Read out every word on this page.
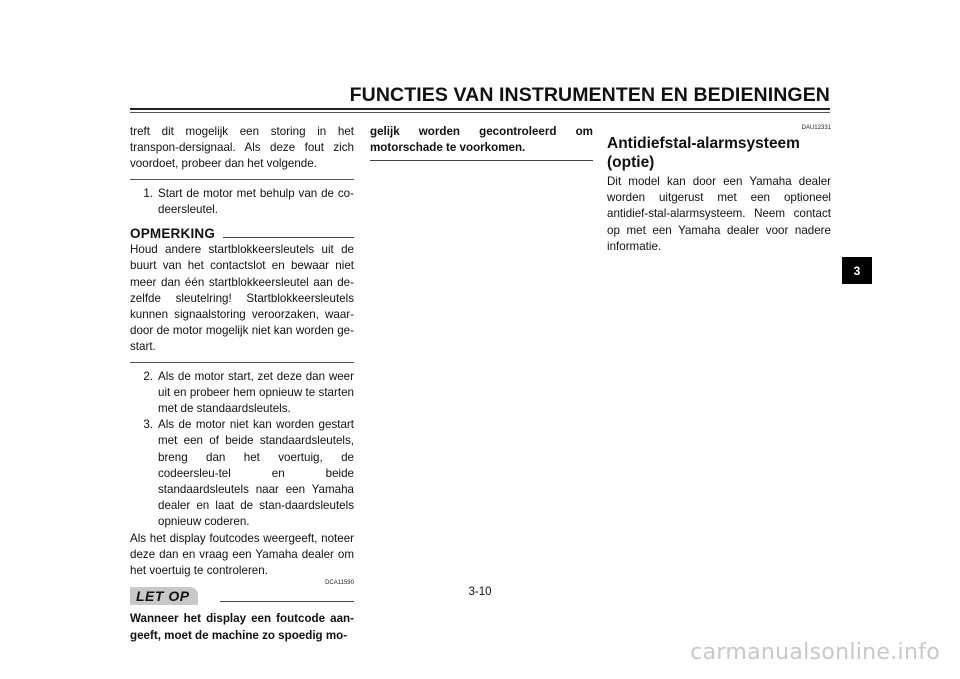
FUNCTIES VAN INSTRUMENTEN EN BEDIENINGEN
treft dit mogelijk een storing in het transpon-dersignaal. Als deze fout zich voordoet, probeer dan het volgende.
1. Start de motor met behulp van de co-deersleutel.
OPMERKING
Houd andere startblokkeersleutels uit de buurt van het contactslot en bewaar niet meer dan één startblokkeersleutel aan de-zelfde sleutelring! Startblokkeersleutels kunnen signaalstoring veroorzaken, waar-door de motor mogelijk niet kan worden ge-start.
2. Als de motor start, zet deze dan weer uit en probeer hem opnieuw te starten met de standaardsleutels.
3. Als de motor niet kan worden gestart met een of beide standaardsleutels, breng dan het voertuig, de codeersleu-tel en beide standaardsleutels naar een Yamaha dealer en laat de stan-daardsleutels opnieuw coderen.
Als het display foutcodes weergeeft, noteer deze dan en vraag een Yamaha dealer om het voertuig te controleren.
DCA11590
LET OP
Wanneer het display een foutcode aan-geeft, moet de machine zo spoedig mo-
gelijk worden gecontroleerd om motorschade te voorkomen.
DAU12331
Antidiefstal-alarmsysteem (optie)
Dit model kan door een Yamaha dealer worden uitgerust met een optioneel antidief-stal-alarmsysteem. Neem contact op met een Yamaha dealer voor nadere informatie.
3-10
3
carmanualsonline.info
